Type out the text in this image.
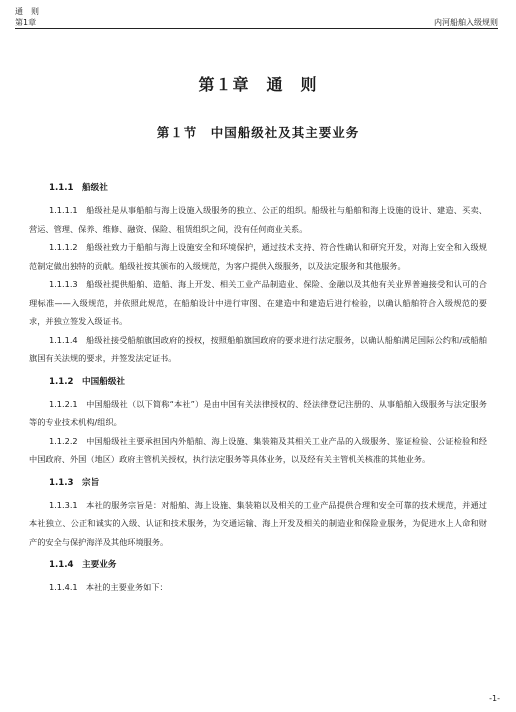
通　则
第1章	内河船舶入级规则
第１章　通　则
第１节　中国船级社及其主要业务
1.1.1　船级社

1.1.1.1　船级社是从事船舶与海上设施入级服务的独立、公正的组织。船级社与船舶和海上设施的设计、建造、买卖、营运、管理、保养、维修、融资、保险、租赁组织之间，没有任何商业关系。

1.1.1.2　船级社致力于船舶与海上设施安全和环境保护，通过技术支持、符合性确认和研究开发，对海上安全和入级规范制定做出独特的贡献。船级社按其颁布的入级规范，为客户提供入级服务，以及法定服务和其他服务。

1.1.1.3　船级社提供船舶、造船、海上开发、相关工业产品制造业、保险、金融以及其他有关业界普遍接受和认可的合理标准——入级规范，并依照此规范，在船舶设计中进行审图、在建造中和建造后进行检验，以确认船舶符合入级规范的要求，并独立签发入级证书。

1.1.1.4　船级社接受船舶旗国政府的授权，按照船舶旗国政府的要求进行法定服务，以确认船舶满足国际公约和/或船舶旗国有关法规的要求，并签发法定证书。

1.1.2　中国船级社

1.1.2.1　中国船级社（以下简称“本社”）是由中国有关法律授权的、经法律登记注册的、从事船舶入级服务与法定服务等的专业技术机构/组织。

1.1.2.2　中国船级社主要承担国内外船舶、海上设施、集装箱及其相关工业产品的入级服务、鉴证检验、公证检验和经中国政府、外国（地区）政府主管机关授权，执行法定服务等具体业务，以及经有关主管机关核准的其他业务。

1.1.3　宗旨

1.1.3.1　本社的服务宗旨是：对船舶、海上设施、集装箱以及相关的工业产品提供合理和安全可靠的技术规范，并通过本社独立、公正和诚实的入级、认证和技术服务，为交通运输、海上开发及相关的制造业和保险业服务，为促进水上人命和财产的安全与保护海洋及其他环境服务。

1.1.4　主要业务

1.1.4.1　本社的主要业务如下：

-1-
